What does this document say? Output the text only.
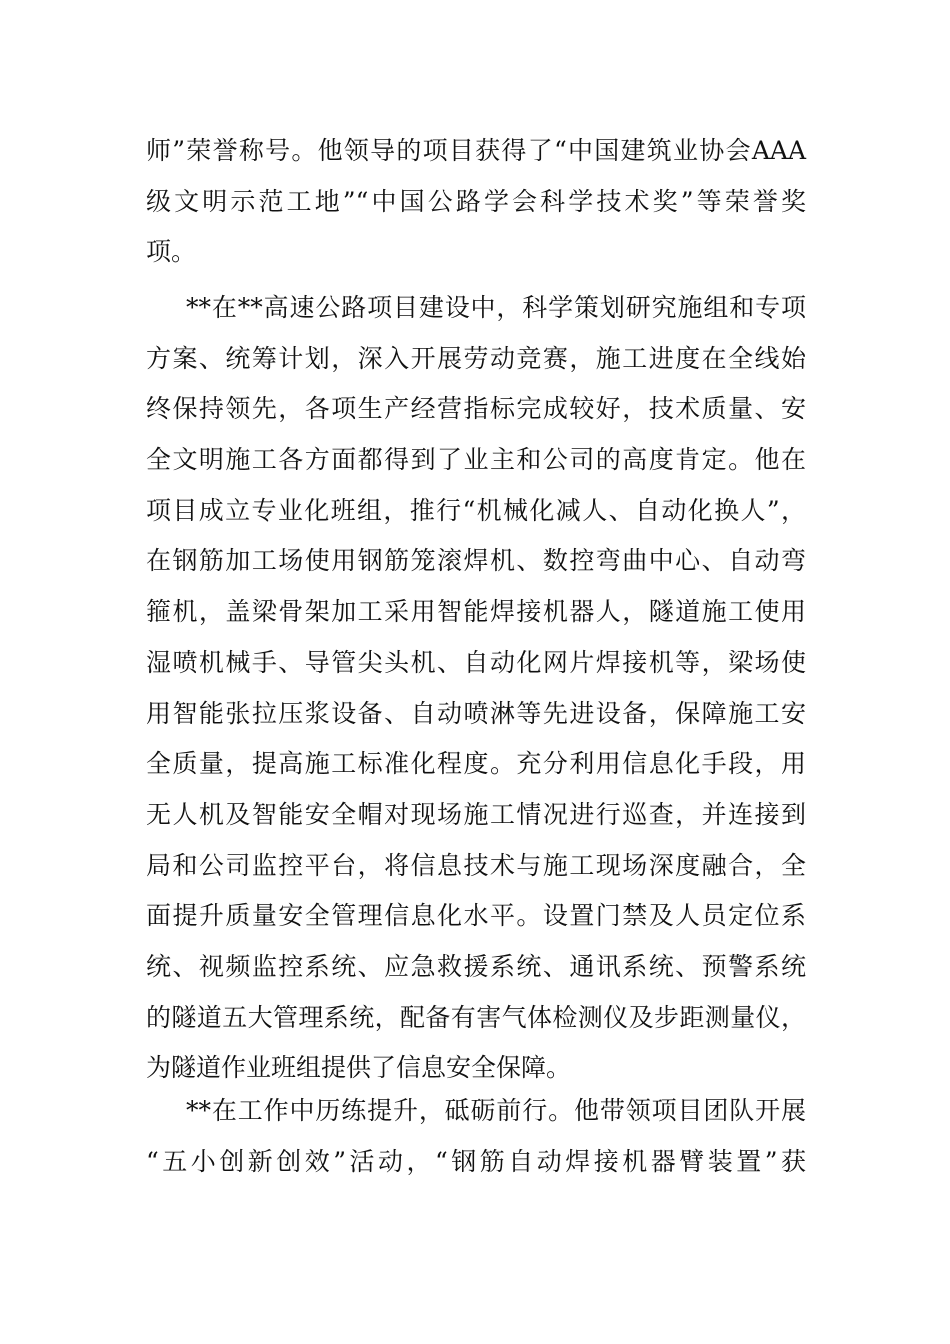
师”荣誉称号。他领导的项目获得了“中国建筑业协会AAA
级文明示范工地”“中国公路学会科学技术奖”等荣誉奖
项。
**在**高速公路项目建设中，科学策划研究施组和专项
方案、统筹计划，深入开展劳动竞赛，施工进度在全线始
终保持领先，各项生产经营指标完成较好，技术质量、安
全文明施工各方面都得到了业主和公司的高度肯定。他在
项目成立专业化班组，推行“机械化减人、自动化换人”，
在钢筋加工场使用钢筋笼滚焊机、数控弯曲中心、自动弯
箍机，盖梁骨架加工采用智能焊接机器人，隧道施工使用
湿喷机械手、导管尖头机、自动化网片焊接机等，梁场使
用智能张拉压浆设备、自动喷淋等先进设备，保障施工安
全质量，提高施工标准化程度。充分利用信息化手段，用
无人机及智能安全帽对现场施工情况进行巡查，并连接到
局和公司监控平台，将信息技术与施工现场深度融合，全
面提升质量安全管理信息化水平。设置门禁及人员定位系
统、视频监控系统、应急救援系统、通讯系统、预警系统
的隧道五大管理系统，配备有害气体检测仪及步距测量仪，
为隧道作业班组提供了信息安全保障。
**在工作中历练提升，砥砺前行。他带领项目团队开展
“五小创新创效”活动，“钢筋自动焊接机器臂装置”获
